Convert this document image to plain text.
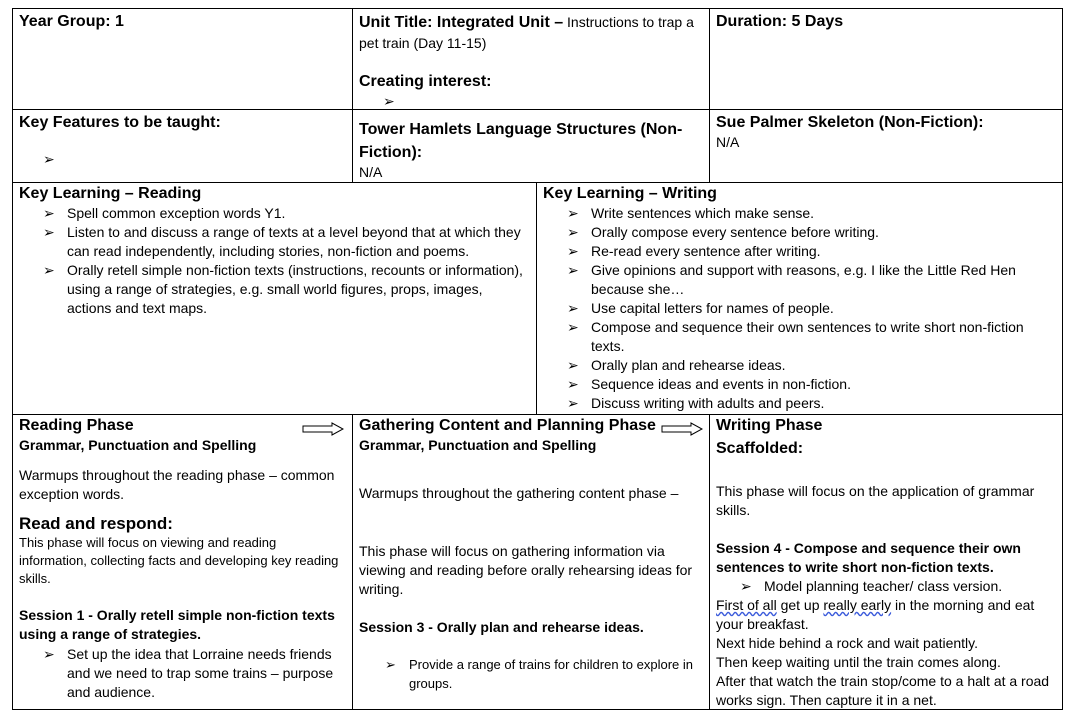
Year Group: 1	Unit Title: Integrated Unit – Instructions to trap a pet train (Day 11-15)
Creating interest:
➢
Duration: 5 Days
Key Features to be taught:
➢
Tower Hamlets Language Structures (Non-Fiction):
N/A
Sue Palmer Skeleton (Non-Fiction):
N/A
Key Learning – Reading
➢ Spell common exception words Y1.
➢ Listen to and discuss a range of texts at a level beyond that at which they can read independently, including stories, non-fiction and poems.
➢ Orally retell simple non-fiction texts (instructions, recounts or information), using a range of strategies, e.g. small world figures, props, images, actions and text maps.
Key Learning – Writing
➢ Write sentences which make sense.
➢ Orally compose every sentence before writing.
➢ Re-read every sentence after writing.
➢ Give opinions and support with reasons, e.g. I like the Little Red Hen because she…
➢ Use capital letters for names of people.
➢ Compose and sequence their own sentences to write short non-fiction texts.
➢ Orally plan and rehearse ideas.
➢ Sequence ideas and events in non-fiction.
➢ Discuss writing with adults and peers.
Reading Phase
Grammar, Punctuation and Spelling
Warmups throughout the reading phase – common exception words.
Read and respond:
This phase will focus on viewing and reading information, collecting facts and developing key reading skills.
Session 1 - Orally retell simple non-fiction texts using a range of strategies.
➢ Set up the idea that Lorraine needs friends and we need to trap some trains – purpose and audience.
Gathering Content and Planning Phase
Grammar, Punctuation and Spelling
Warmups throughout the gathering content phase –
This phase will focus on gathering information via viewing and reading before orally rehearsing ideas for writing.
Session 3 - Orally plan and rehearse ideas.
➢ Provide a range of trains for children to explore in groups.
Writing Phase
Scaffolded:
This phase will focus on the application of grammar skills.
Session 4 - Compose and sequence their own sentences to write short non-fiction texts.
➢ Model planning teacher/ class version.
First of all get up really early in the morning and eat your breakfast.
Next hide behind a rock and wait patiently.
Then keep waiting until the train comes along.
After that watch the train stop/come to a halt at a road works sign. Then capture it in a net.
